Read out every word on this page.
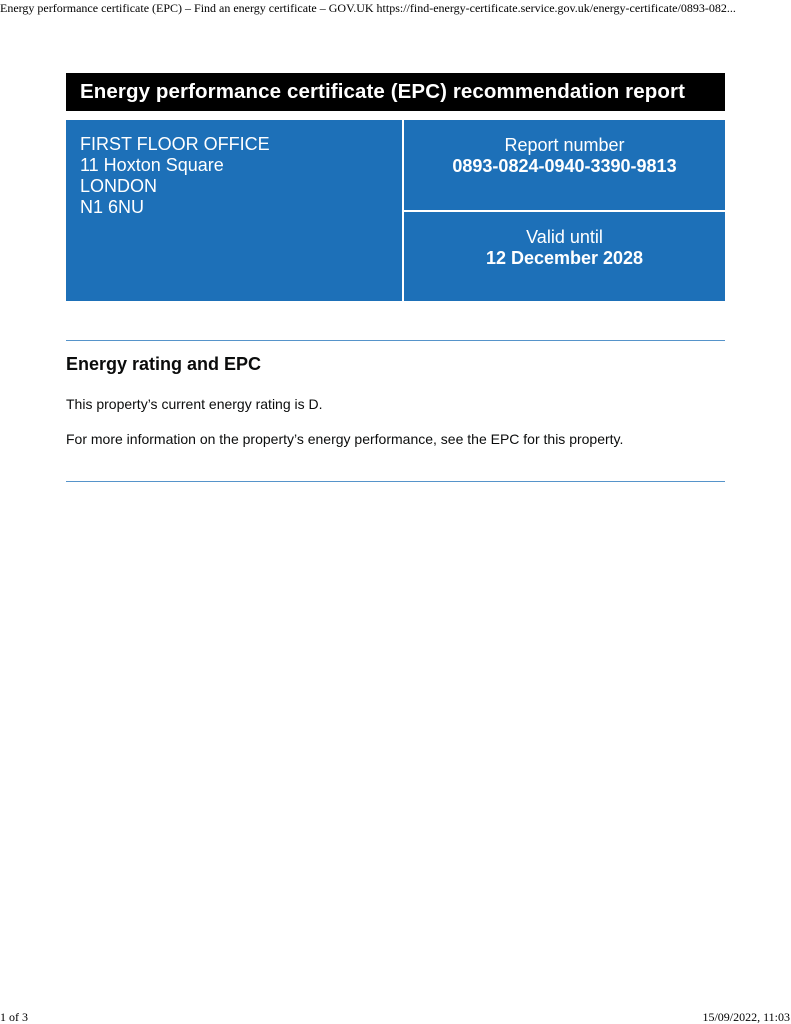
Energy performance certificate (EPC) – Find an energy certificate – GOV.UK https://find-energy-certificate.service.gov.uk/energy-certificate/0893-082...
Energy performance certificate (EPC) recommendation report
FIRST FLOOR OFFICE
11 Hoxton Square
LONDON
N1 6NU
Report number
0893-0824-0940-3390-9813
Valid until
12 December 2028
Energy rating and EPC

This property’s current energy rating is D.

For more information on the property’s energy performance, see the EPC for this property.

1 of 3	15/09/2022, 11:03
